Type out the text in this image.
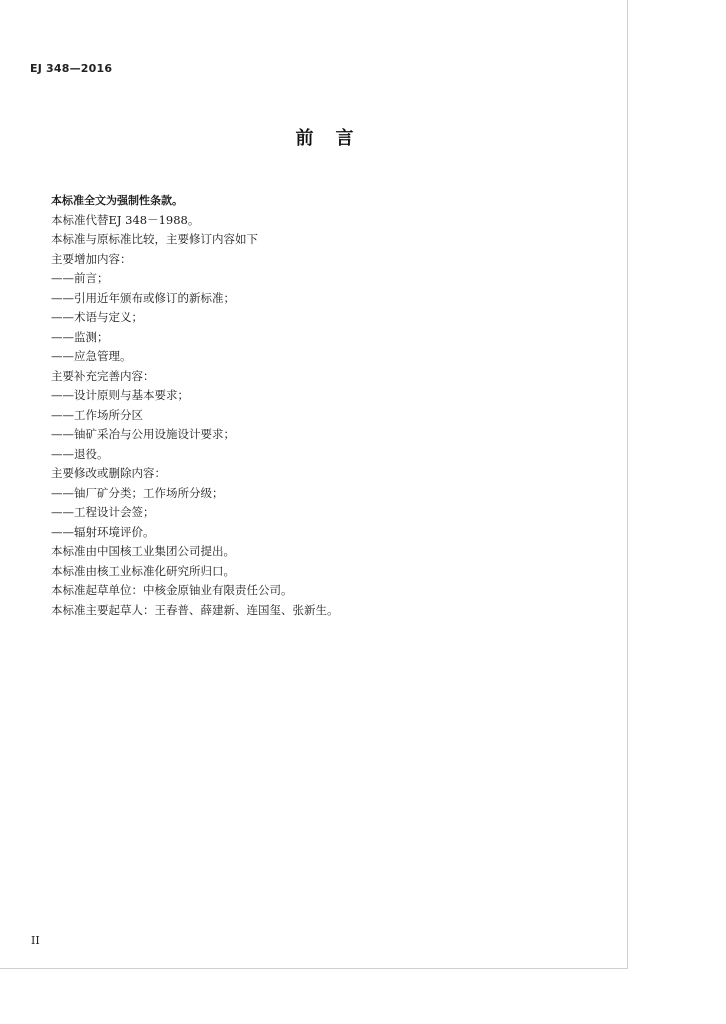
EJ 348—2016
前言
本标准全文为强制性条款。
本标准代替EJ 348－1988。
本标准与原标准比较，主要修订内容如下
主要增加内容：
——前言；
——引用近年颁布或修订的新标准；
——术语与定义；
——监测；
——应急管理。
主要补充完善内容：
——设计原则与基本要求；
——工作场所分区
——铀矿采冶与公用设施设计要求；
——退役。
主要修改或删除内容：
——铀厂矿分类；工作场所分级；
——工程设计会签；
——辐射环境评价。
本标准由中国核工业集团公司提出。
本标准由核工业标准化研究所归口。
本标准起草单位：中核金原铀业有限责任公司。
本标准主要起草人：王春普、薛建新、连国玺、张新生。
II
